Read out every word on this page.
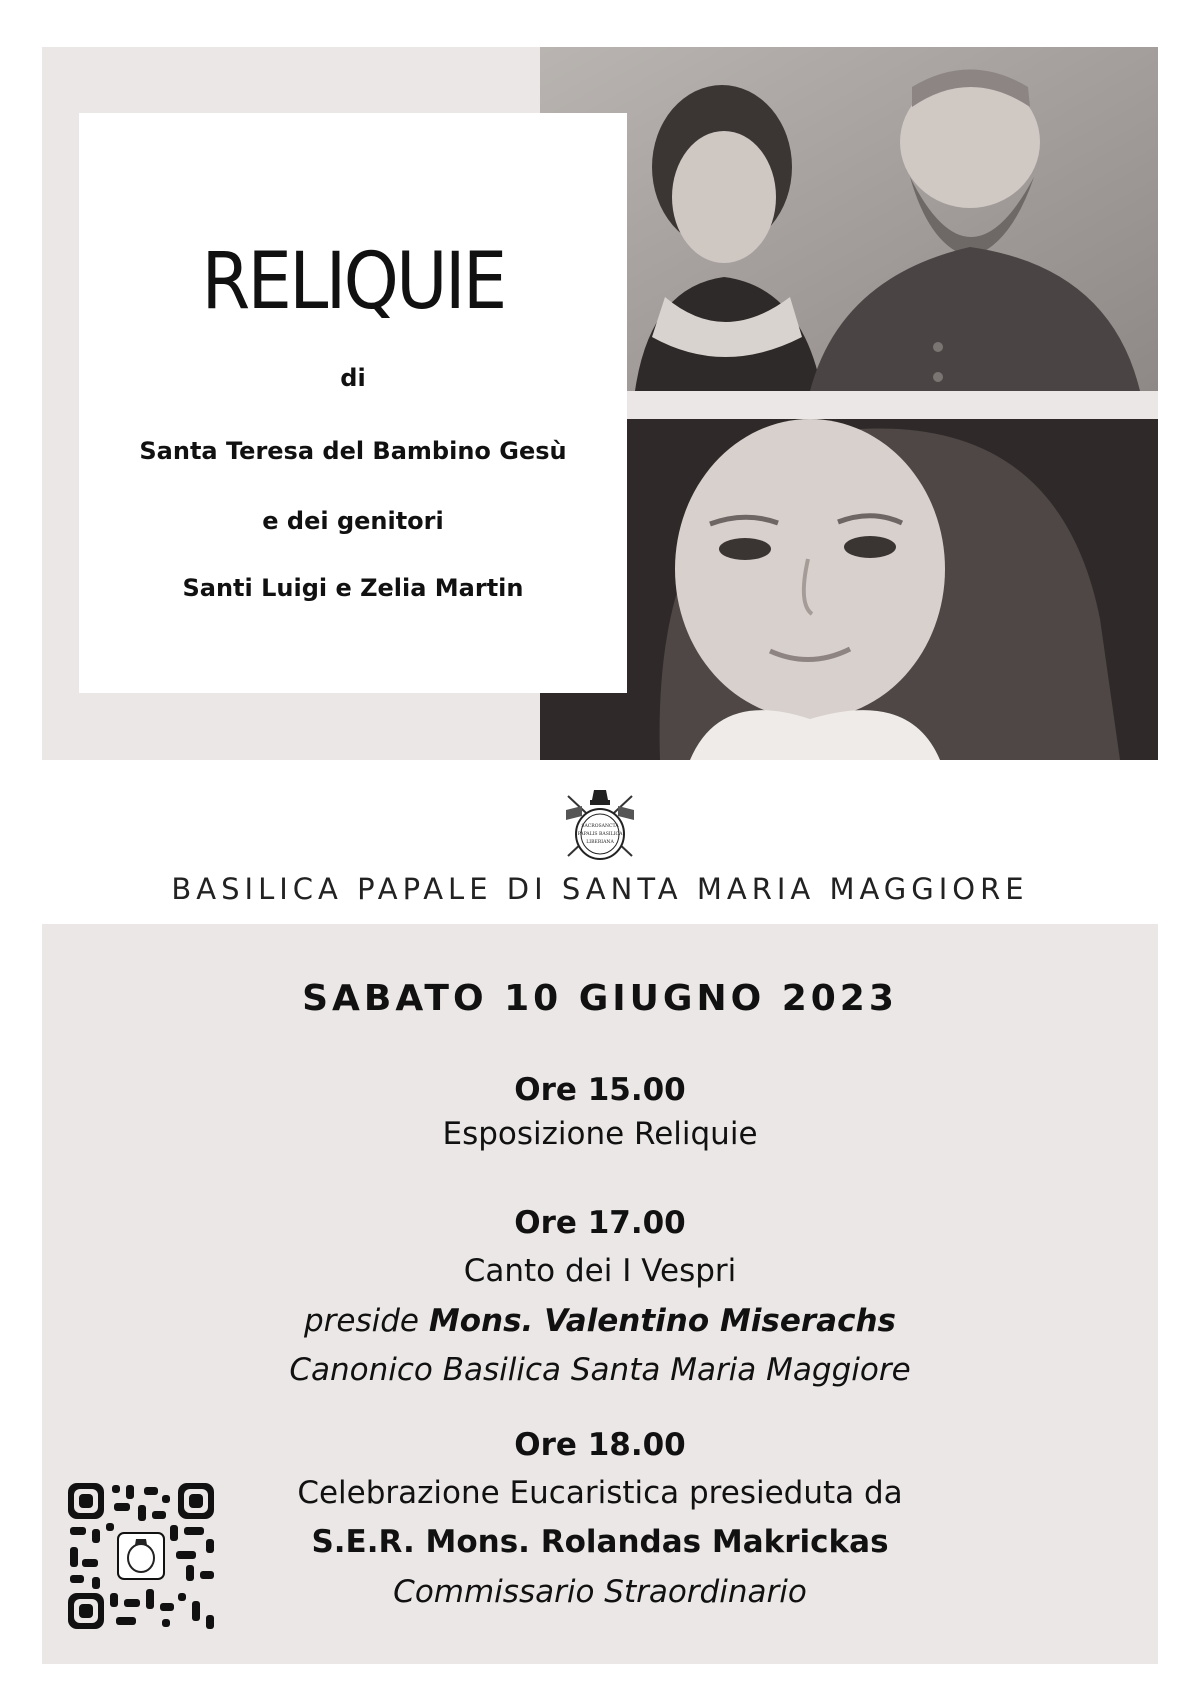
RELIQUIE
di
Santa Teresa del Bambino Gesù
e dei genitori
Santi Luigi e Zelia Martin
SACROSANCTA
PAPALIS BASILICA
LIBERIANA
BASILICA PAPALE DI SANTA MARIA MAGGIORE
SABATO 10 GIUGNO 2023
Ore 15.00
Esposizione Reliquie
Ore 17.00
Canto dei I Vespri
preside Mons. Valentino Miserachs
Canonico Basilica Santa Maria Maggiore
Ore 18.00
Celebrazione Eucaristica presieduta da
S.E.R. Mons. Rolandas Makrickas
Commissario Straordinario
